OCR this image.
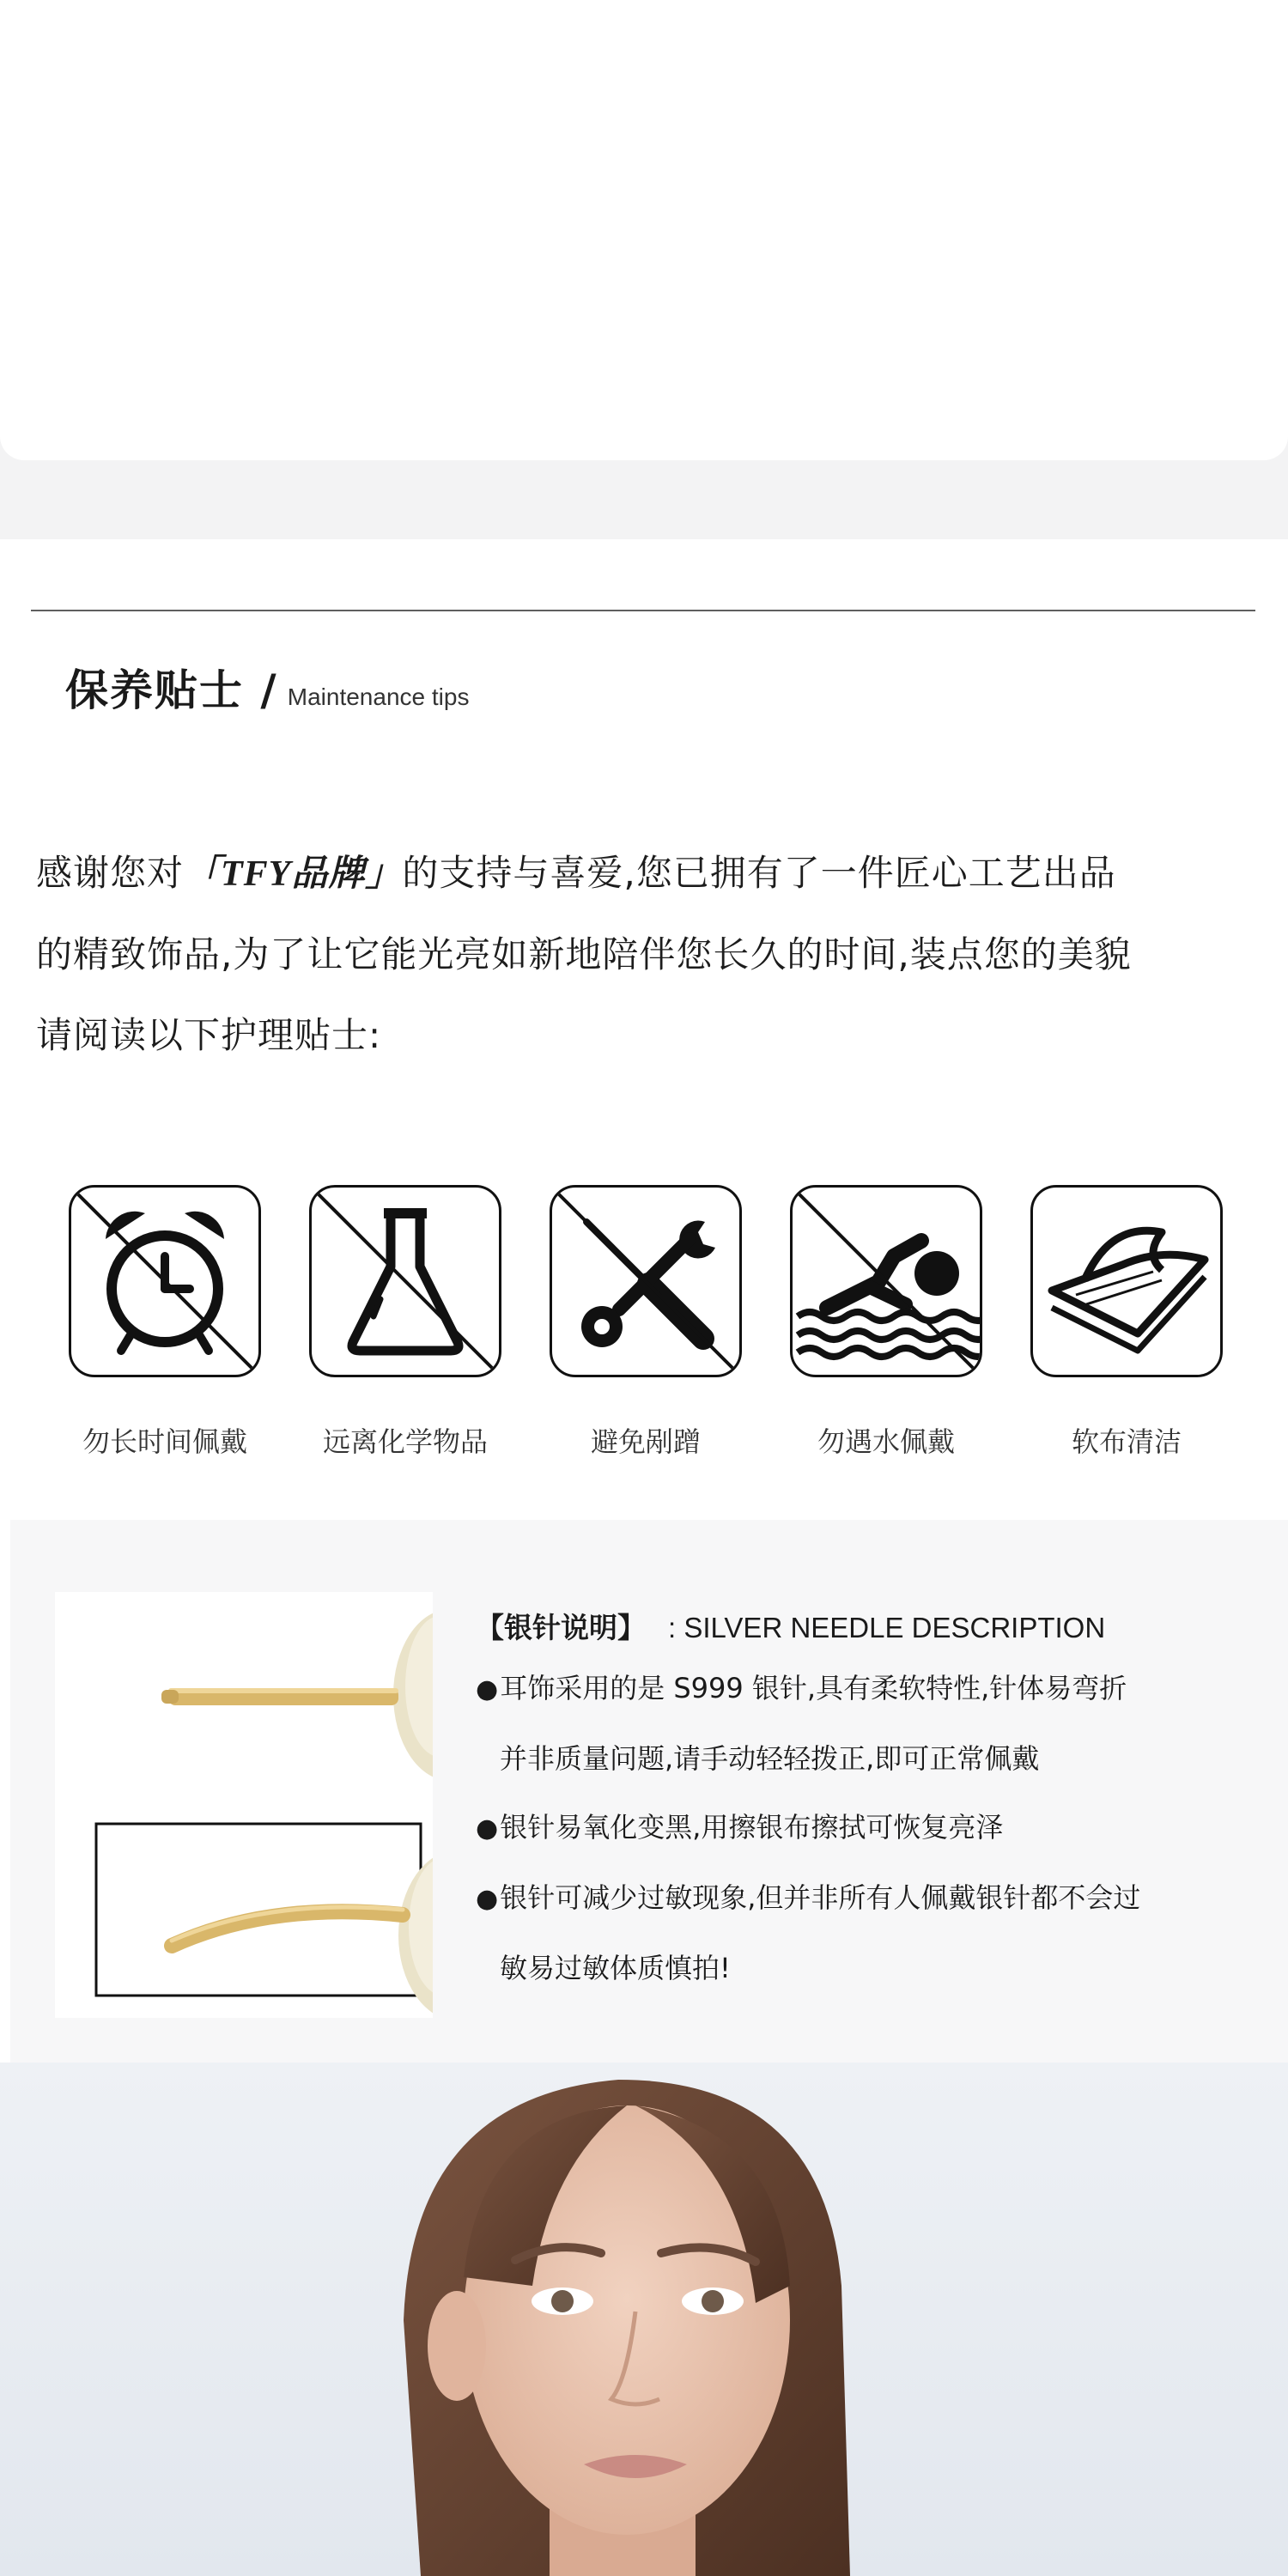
保养贴士 / Maintenance tips

感谢您对「TFY品牌」的支持与喜爱,您已拥有了一件匠心工艺出品

的精致饰品,为了让它能光亮如新地陪伴您长久的时间,装点您的美貌

请阅读以下护理贴士:

勿长时间佩戴	远离化学物品	避免剐蹭	勿遇水佩戴	软布清洁
【银针说明】 : SILVER NEEDLE DESCRIPTION
●耳饰采用的是 S999 银针,具有柔软特性,针体易弯折
并非质量问题,请手动轻轻拨正,即可正常佩戴
●银针易氧化变黑,用擦银布擦拭可恢复亮泽
●银针可减少过敏现象,但并非所有人佩戴银针都不会过
敏易过敏体质慎拍!
